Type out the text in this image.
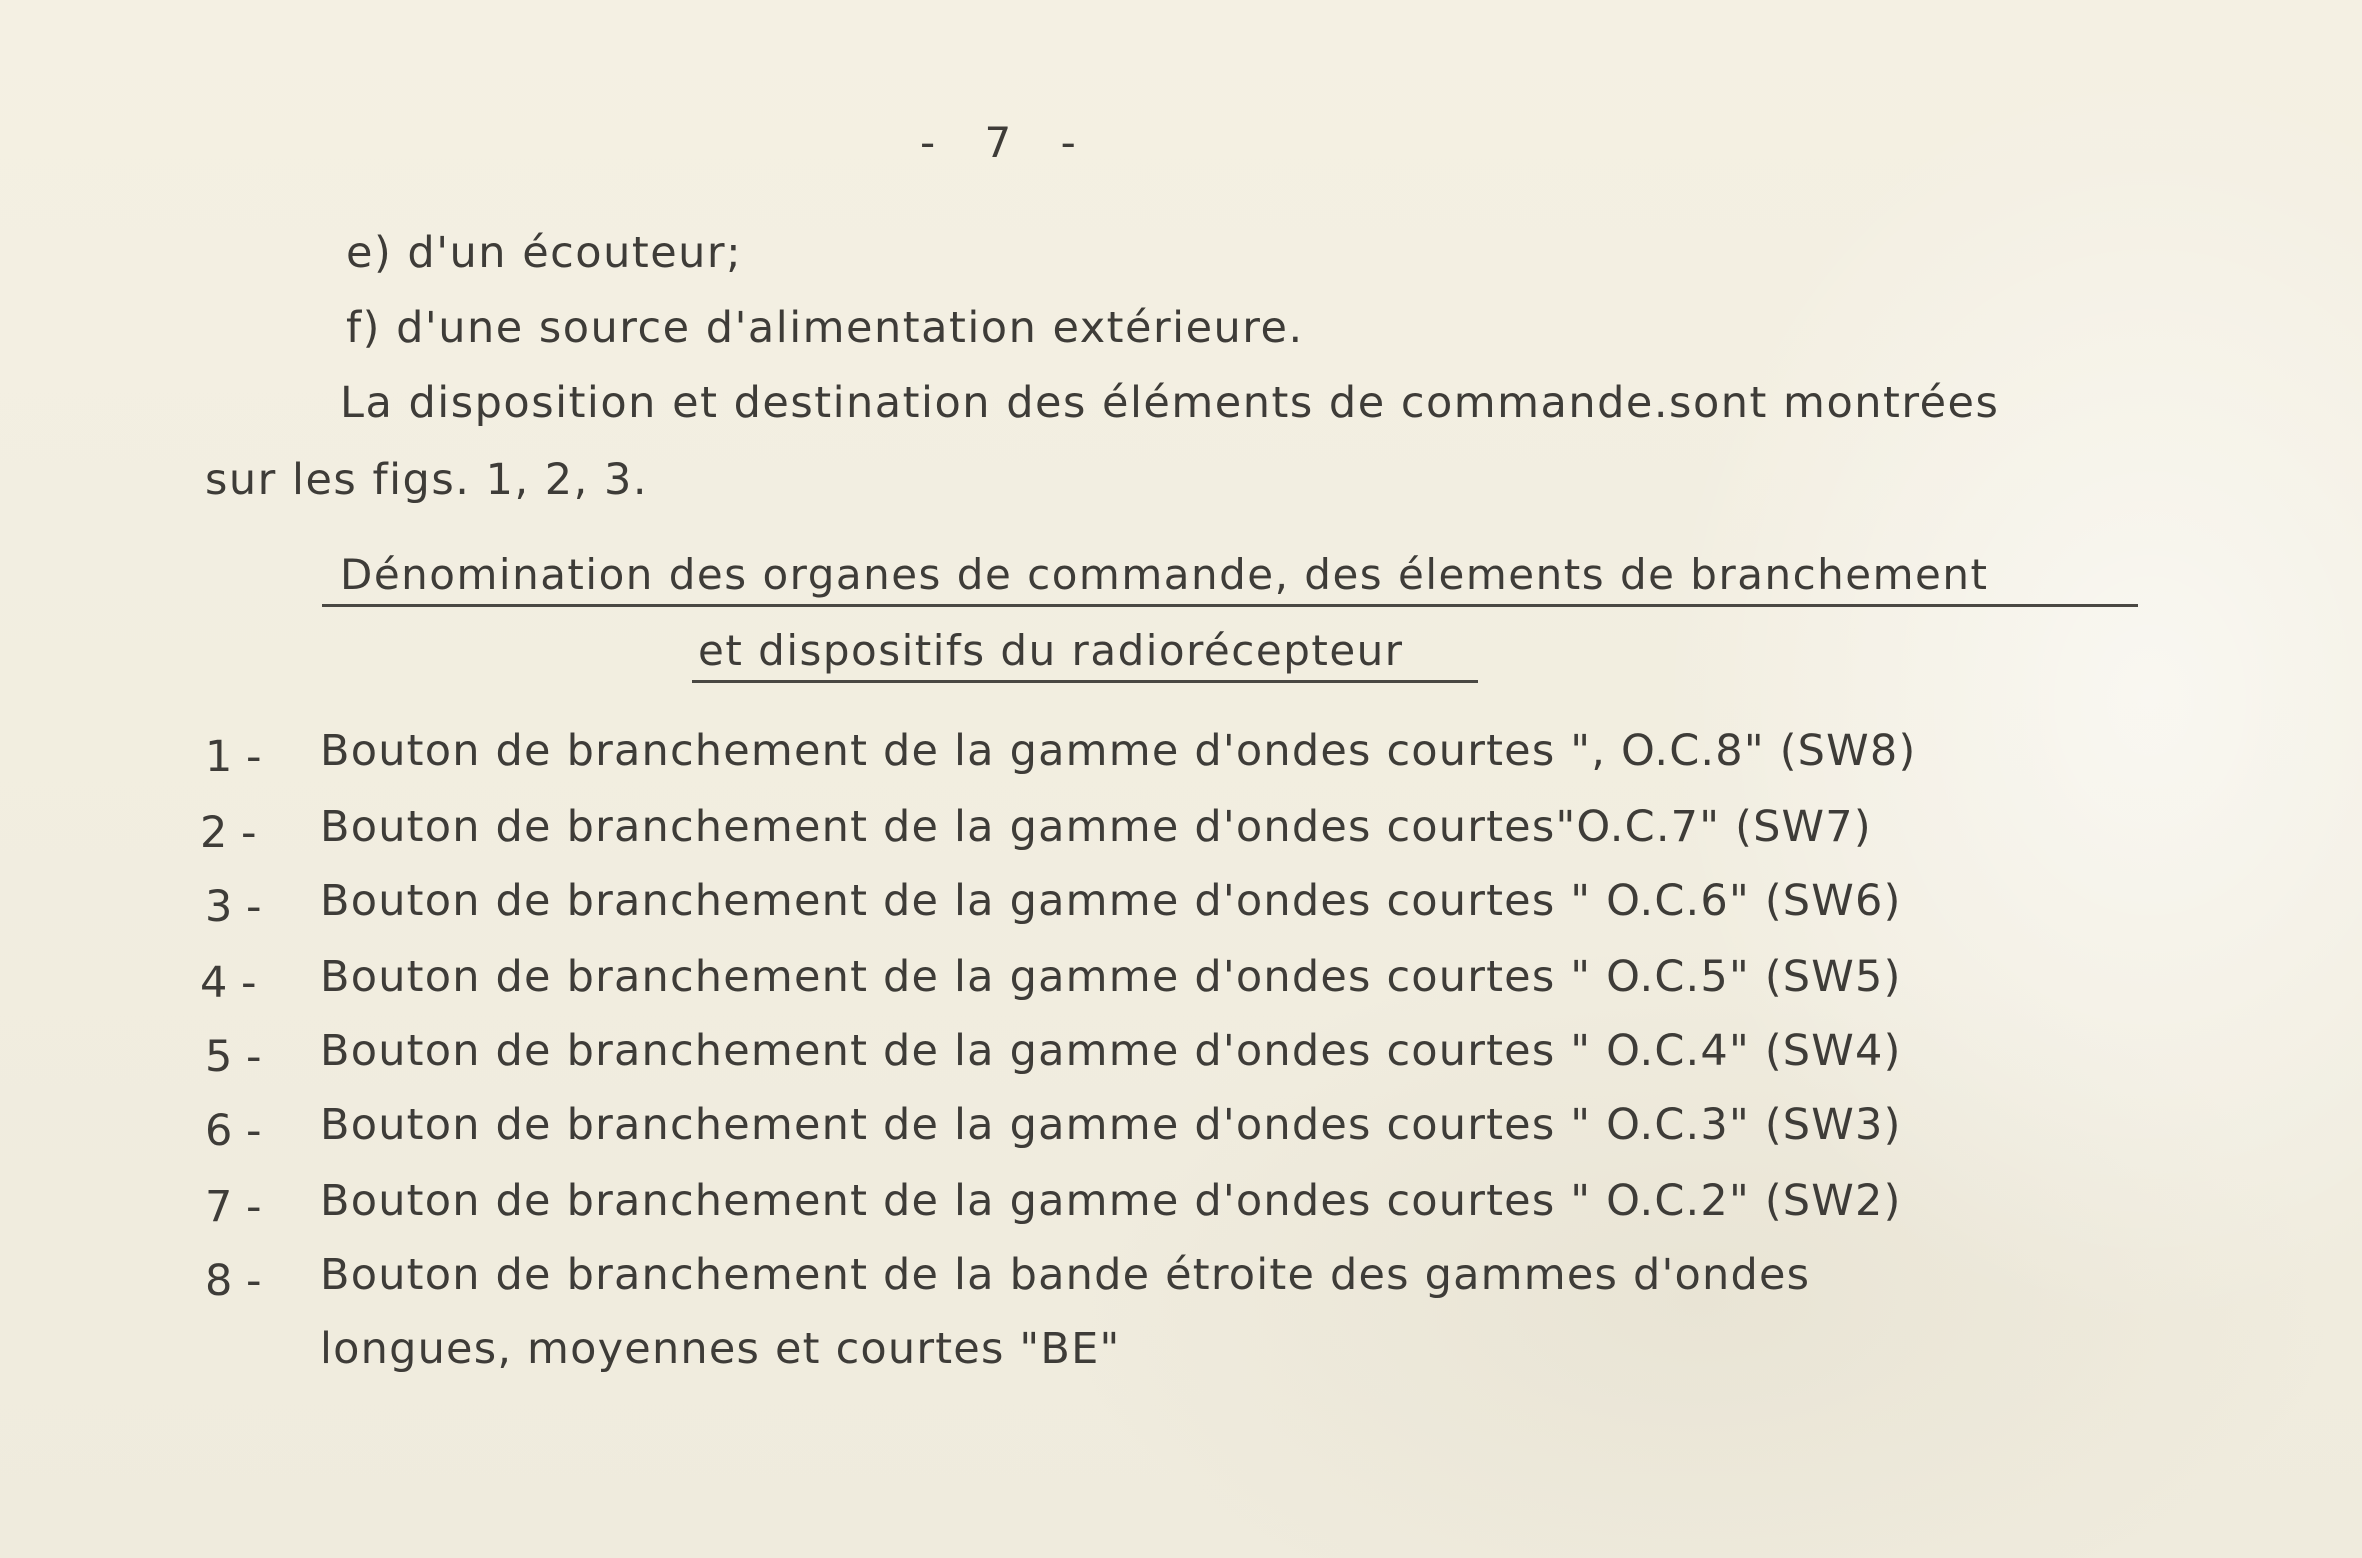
- 7 -
e) d'un écouteur;
f) d'une source d'alimentation extérieure.
La disposition et destination des éléments de commande.sont montrées
sur les figs. 1, 2, 3.
Dénomination des organes de commande, des élements de branchement
et dispositifs du radiorécepteur
1 - Bouton de branchement de la gamme d'ondes courtes ", O.C.8" (SW8)
2 - Bouton de branchement de la gamme d'ondes courtes"O.C.7" (SW7)
3 - Bouton de branchement de la gamme d'ondes courtes " O.C.6" (SW6)
4 - Bouton de branchement de la gamme d'ondes courtes " O.C.5" (SW5)
5 - Bouton de branchement de la gamme d'ondes courtes " O.C.4" (SW4)
6 - Bouton de branchement de la gamme d'ondes courtes " O.C.3" (SW3)
7 - Bouton de branchement de la gamme d'ondes courtes " O.C.2" (SW2)
8 - Bouton de branchement de la bande étroite des gammes d'ondes
longues, moyennes et courtes "BE"
